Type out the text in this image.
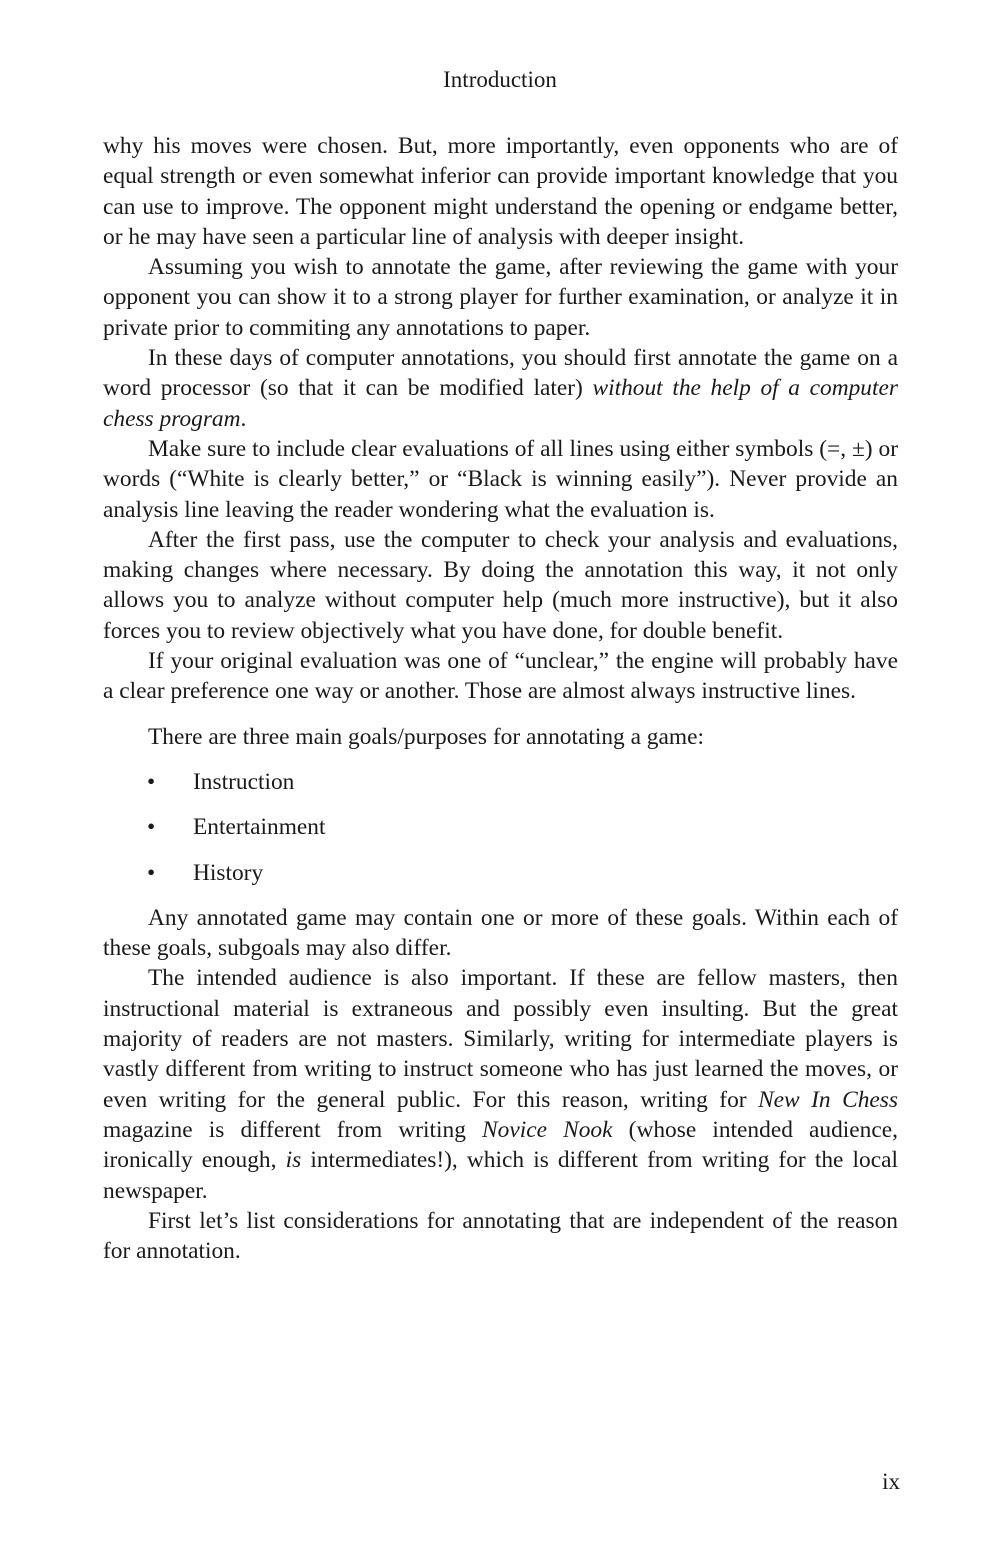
Introduction

why his moves were chosen. But, more importantly, even opponents who are of equal strength or even somewhat inferior can provide important knowledge that you can use to improve. The opponent might understand the opening or endgame better, or he may have seen a particular line of analysis with deeper insight.

Assuming you wish to annotate the game, after reviewing the game with your opponent you can show it to a strong player for further examination, or analyze it in private prior to commiting any annotations to paper.

In these days of computer annotations, you should first annotate the game on a word processor (so that it can be modified later) without the help of a computer chess program.

Make sure to include clear evaluations of all lines using either symbols (=, ±) or words (“White is clearly better,” or “Black is winning easily”). Never provide an analysis line leaving the reader wondering what the evaluation is.

After the first pass, use the computer to check your analysis and evaluations, making changes where necessary. By doing the annotation this way, it not only allows you to analyze without computer help (much more instructive), but it also forces you to review objectively what you have done, for double benefit.

If your original evaluation was one of “unclear,” the engine will probably have a clear preference one way or another. Those are almost always instructive lines.

There are three main goals/purposes for annotating a game:

• Instruction
• Entertainment
• History

Any annotated game may contain one or more of these goals. Within each of these goals, subgoals may also differ.

The intended audience is also important. If these are fellow masters, then instructional material is extraneous and possibly even insulting. But the great majority of readers are not masters. Similarly, writing for intermediate players is vastly different from writing to instruct someone who has just learned the moves, or even writing for the general public. For this reason, writing for New In Chess magazine is different from writing Novice Nook (whose intended audience, ironically enough, is intermediates!), which is different from writing for the local newspaper.

First let’s list considerations for annotating that are independent of the reason for annotation.

ix
